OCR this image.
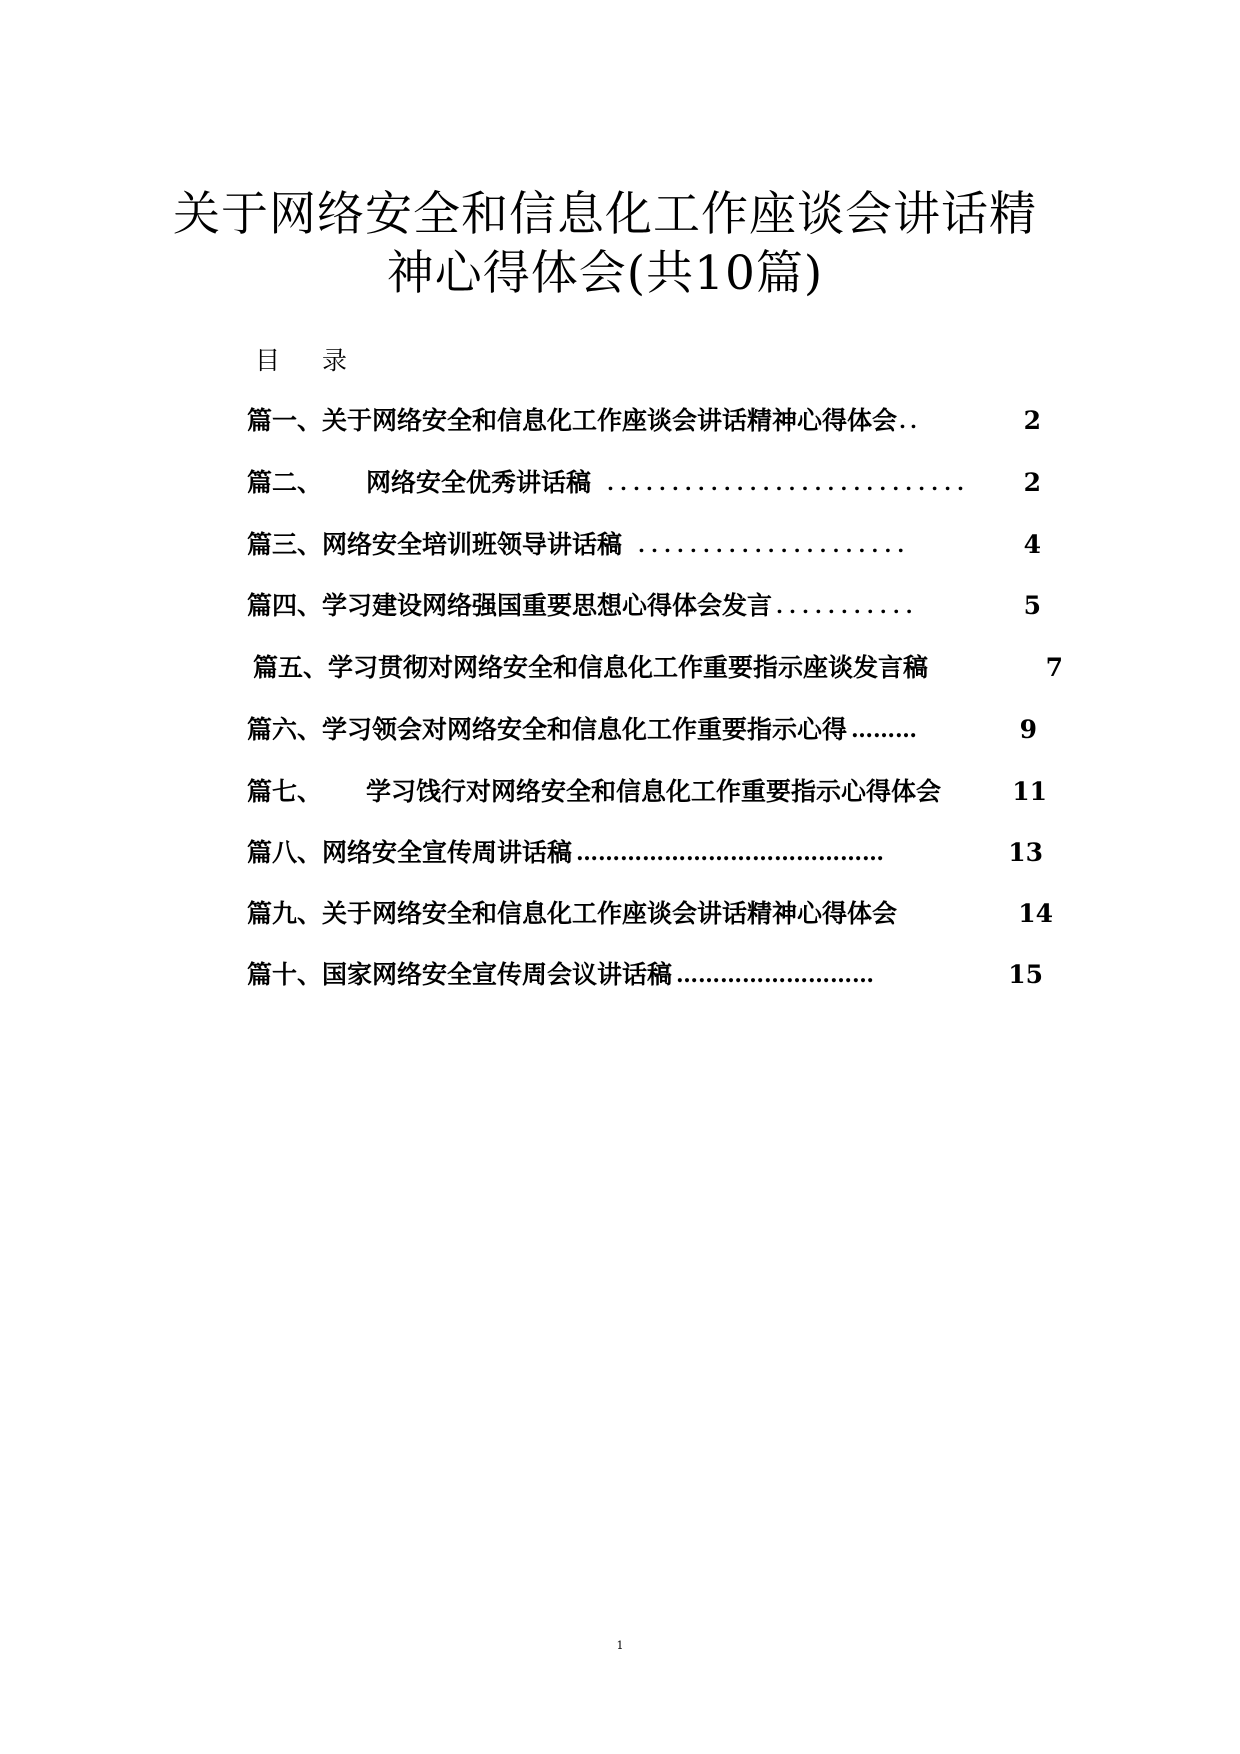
关于网络安全和信息化工作座谈会讲话精
神心得体会(共10篇)
目 录
篇一、关于网络安全和信息化工作座谈会讲话精神心得体会 ..	2
篇二、 网络安全优秀讲话稿 ............................	2
篇三、网络安全培训班领导讲话稿 .....................	4
篇四、学习建设网络强国重要思想心得体会发言 ...........	5
篇五、学习贯彻对网络安全和信息化工作重要指示座谈发言稿	7
篇六、学习领会对网络安全和信息化工作重要指示心得 ………	9
篇七、 学习饯行对网络安全和信息化工作重要指示心得体会	11
篇八、网络安全宣传周讲话稿 ……………………………………	13
篇九、关于网络安全和信息化工作座谈会讲话精神心得体会	14
篇十、国家网络安全宣传周会议讲话稿 ………………………	15
1
